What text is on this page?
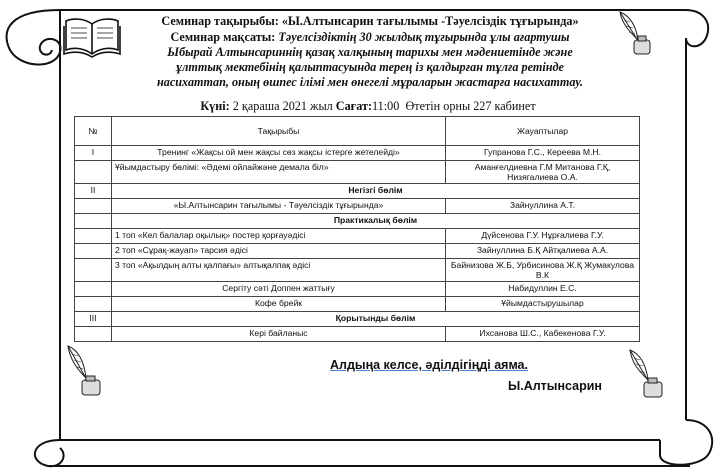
Семинар тақырыбы: «Ы.Алтынсарин тағылымы -Тәуелсіздік тұғырында»
Семинар мақсаты: Тәуелсіздіктің 30 жылдық тұғырында ұлы ағартушы
Ыбырай Алтынсариннің қазақ халқының тарихы мен мәдениетінде және
ұлттық мектебінің қалыптасуында терең із қалдырған тұлға ретінде
насихаттап, оның өшпес ілімі мен өнегелі мұраларын жастарға насихаттау.
Күні: 2 қараша 2021 жыл Сағат:11:00 Өтетін орны 227 кабинет
№	Тақырыбы	Жауаптылар
I	Тренинг «Жақсы ой мен жақсы сөз жақсы істерге жетелейді»	Гупранова Г.С., Кереева М.Н.
	Ұйымдастыру бөлімі: «Әдемі ойлайжәне демала біл»	Аманғелдиевна Г.М Митанова Г.Қ, Низягалиева О.А.
II	Негізгі бөлім	
	«Ы.Алтынсарин тағылымы - Тәуелсіздік тұғырында»	Зайнуллина А.Т.
	Практикалық бөлім	
	1 топ «Кел балалар оқылық» постер қорғауәдісі	Дүйсенова Г.У. Нұрғалиева Г.У.
	2 топ «Сұрақ-жауап» тарсия әдісі	Зайнуллина Б.Қ Айтқалиева А.А.
	3 топ «Ақылдың алты қалпағы» алтықалпақ әдісі	Байнизова Ж.Б, Урбисинова Ж.Қ Жумакулова В.К
	Сергіту сәті Доппен жаттығу	Набидуллин Е.С.
	Кофе брейк	Ұйымдастырушылар
III	Қорытынды бөлім	
	Кері байланыс	Ихсанова Ш.С., Кабекенова Г.У.
Алдыңа келсе, әділдігіңді аяма.
Ы.Алтынсарин
